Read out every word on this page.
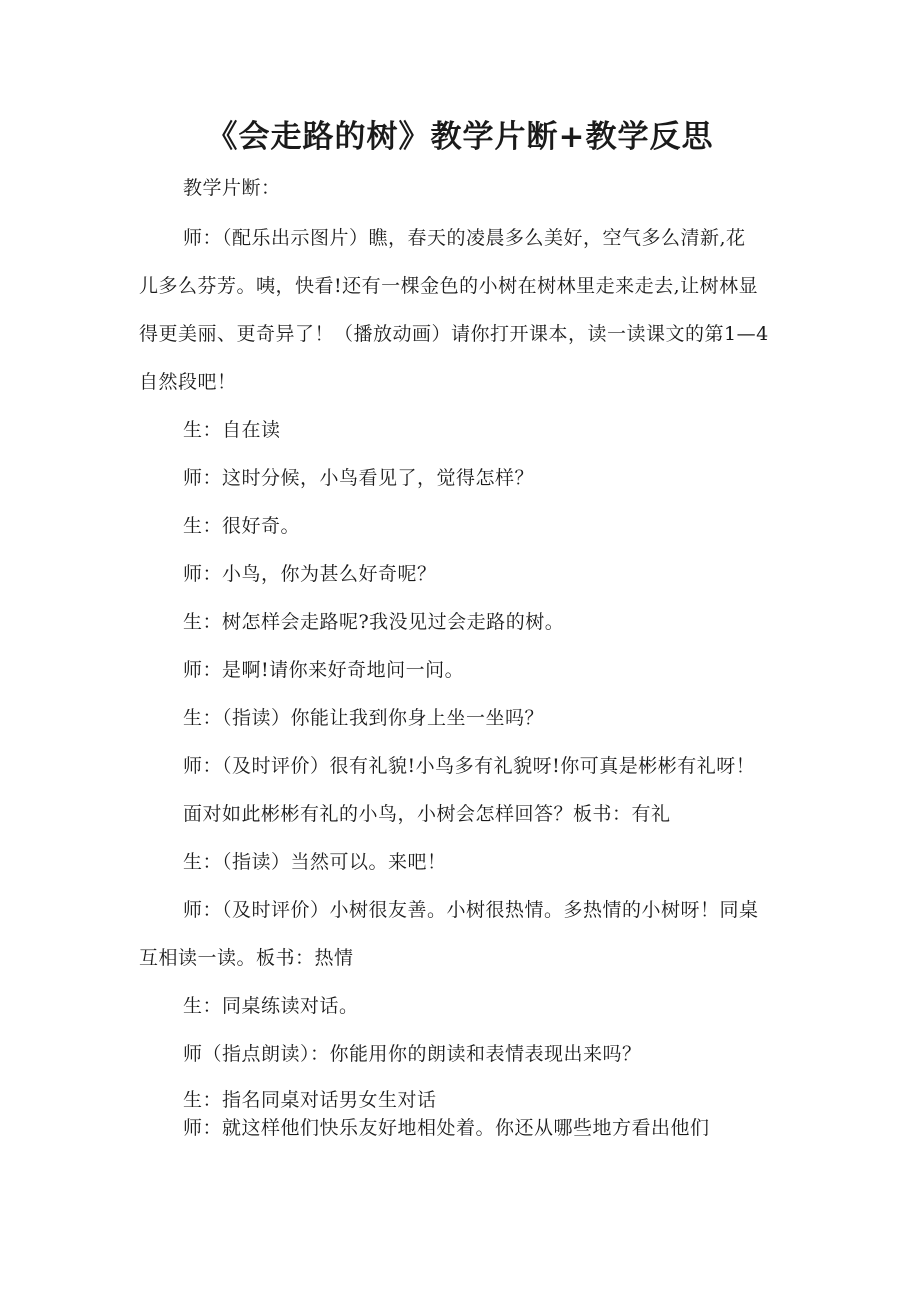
《会走路的树》教学片断+教学反思
教学片断：
师：（配乐出示图片）瞧，春天的凌晨多么美好，空气多么清新,花
儿多么芬芳。咦，快看!还有一棵金色的小树在树林里走来走去,让树林显
得更美丽、更奇异了！（播放动画）请你打开课本，读一读课文的第1—4
自然段吧！
生：自在读
师：这时分候，小鸟看见了，觉得怎样？
生：很好奇。
师：小鸟，你为甚么好奇呢？
生：树怎样会走路呢?我没见过会走路的树。
师：是啊!请你来好奇地问一问。
生：（指读）你能让我到你身上坐一坐吗？
师：（及时评价）很有礼貌!小鸟多有礼貌呀!你可真是彬彬有礼呀！
面对如此彬彬有礼的小鸟，小树会怎样回答？板书：有礼
生：（指读）当然可以。来吧！
师：（及时评价）小树很友善。小树很热情。多热情的小树呀！同桌
互相读一读。板书：热情
生：同桌练读对话。
师（指点朗读）：你能用你的朗读和表情表现出来吗？
生：指名同桌对话男女生对话
师：就这样他们快乐友好地相处着。你还从哪些地方看出他们
